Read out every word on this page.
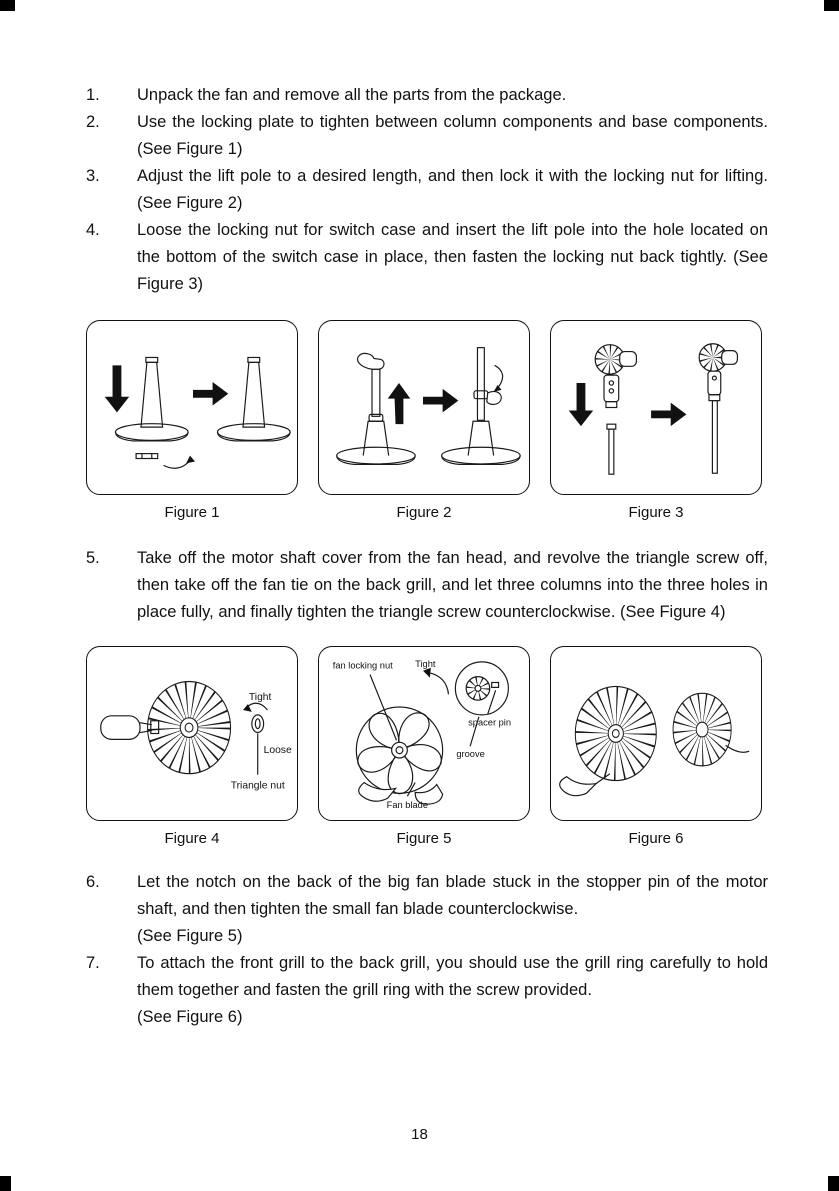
1.	Unpack the fan and remove all the parts from the package.
2.	Use the locking plate to tighten between column components and base components. (See Figure 1)
3.	Adjust the lift pole to a desired length, and then lock it with the locking nut for lifting. (See Figure 2)
4.	Loose the locking nut for switch case and insert the lift pole into the hole located on the bottom of the switch case in place, then fasten the locking nut back tightly. (See Figure 3)
Figure 1	Figure 2	Figure 3
5.	Take off the motor shaft cover from the fan head, and revolve the triangle screw off, then take off the fan tie on the back grill, and let three columns into the three holes in place fully, and finally tighten the triangle screw counterclockwise. (See Figure 4)
Tight
Loose
Triangle nut
Figure 4
fan locking nut Tight
spacer pin
groove
Fan blade
Figure 5	Figure 6
6.	Let the notch on the back of the big fan blade stuck in the stopper pin of the motor shaft, and then tighten the small fan blade counterclockwise.
(See Figure 5)
7.	To attach the front grill to the back grill, you should use the grill ring carefully to hold them together and fasten the grill ring with the screw provided.
(See Figure 6)
18
